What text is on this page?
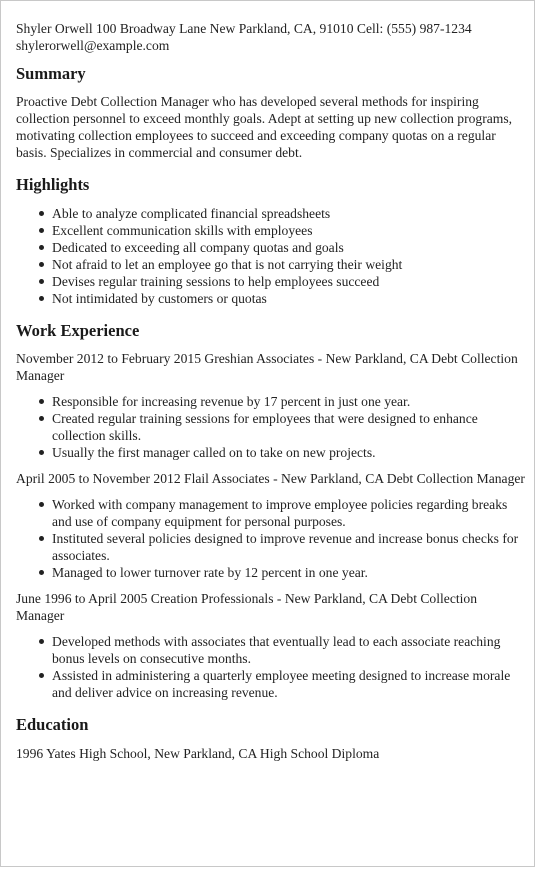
Shyler Orwell 100 Broadway Lane New Parkland, CA, 91010 Cell: (555) 987-1234
shylerorwell@example.com
Summary
Proactive Debt Collection Manager who has developed several methods for inspiring collection personnel to exceed monthly goals. Adept at setting up new collection programs, motivating collection employees to succeed and exceeding company quotas on a regular basis. Specializes in commercial and consumer debt.
Highlights
Able to analyze complicated financial spreadsheets
Excellent communication skills with employees
Dedicated to exceeding all company quotas and goals
Not afraid to let an employee go that is not carrying their weight
Devises regular training sessions to help employees succeed
Not intimidated by customers or quotas
Work Experience
November 2012 to February 2015 Greshian Associates - New Parkland, CA Debt Collection Manager
Responsible for increasing revenue by 17 percent in just one year.
Created regular training sessions for employees that were designed to enhance collection skills.
Usually the first manager called on to take on new projects.
April 2005 to November 2012 Flail Associates - New Parkland, CA Debt Collection Manager
Worked with company management to improve employee policies regarding breaks and use of company equipment for personal purposes.
Instituted several policies designed to improve revenue and increase bonus checks for associates.
Managed to lower turnover rate by 12 percent in one year.
June 1996 to April 2005 Creation Professionals - New Parkland, CA Debt Collection Manager
Developed methods with associates that eventually lead to each associate reaching bonus levels on consecutive months.
Assisted in administering a quarterly employee meeting designed to increase morale and deliver advice on increasing revenue.
Education
1996 Yates High School, New Parkland, CA High School Diploma
